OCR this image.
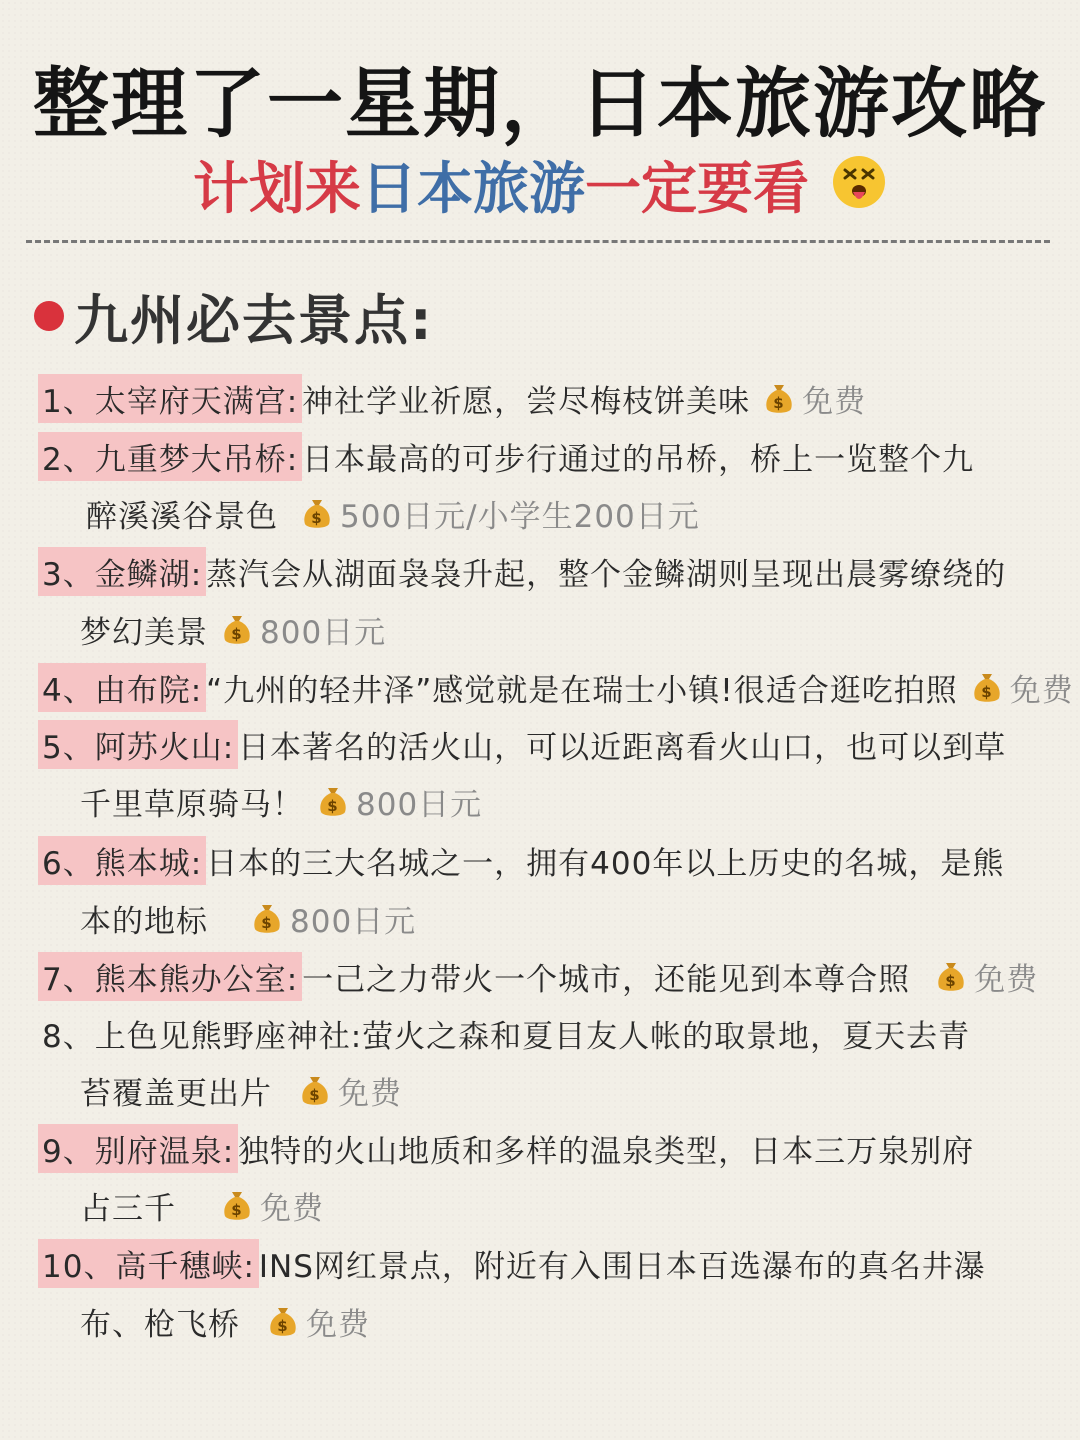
整理了一星期，日本旅游攻略
计划来日本旅游一定要看
九州必去景点:
1、太宰府天满宫: 神社学业祈愿，尝尽梅枝饼美味 $ 免费
2、九重梦大吊桥: 日本最高的可步行通过的吊桥，桥上一览整个九
醉溪溪谷景色 $ 500日元/小学生200日元
3、金鳞湖: 蒸汽会从湖面袅袅升起，整个金鳞湖则呈现出晨雾缭绕的
梦幻美景 $ 800日元
4、由布院: “九州的轻井泽”感觉就是在瑞士小镇!很适合逛吃拍照 $ 免费
5、阿苏火山: 日本著名的活火山，可以近距离看火山口，也可以到草
千里草原骑马！ $ 800日元
6、熊本城: 日本的三大名城之一，拥有400年以上历史的名城，是熊
本的地标	$ 800日元
7、熊本熊办公室: 一己之力带火一个城市，还能见到本尊合照 $ 免费
8、上色见熊野座神社: 萤火之森和夏目友人帐的取景地，夏天去青
苔覆盖更出片 $ 免费
9、别府温泉: 独特的火山地质和多样的温泉类型，日本三万泉别府
占三千	$ 免费
10、高千穗峡: INS网红景点，附近有入围日本百选瀑布的真名井瀑
布、枪飞桥 $ 免费
